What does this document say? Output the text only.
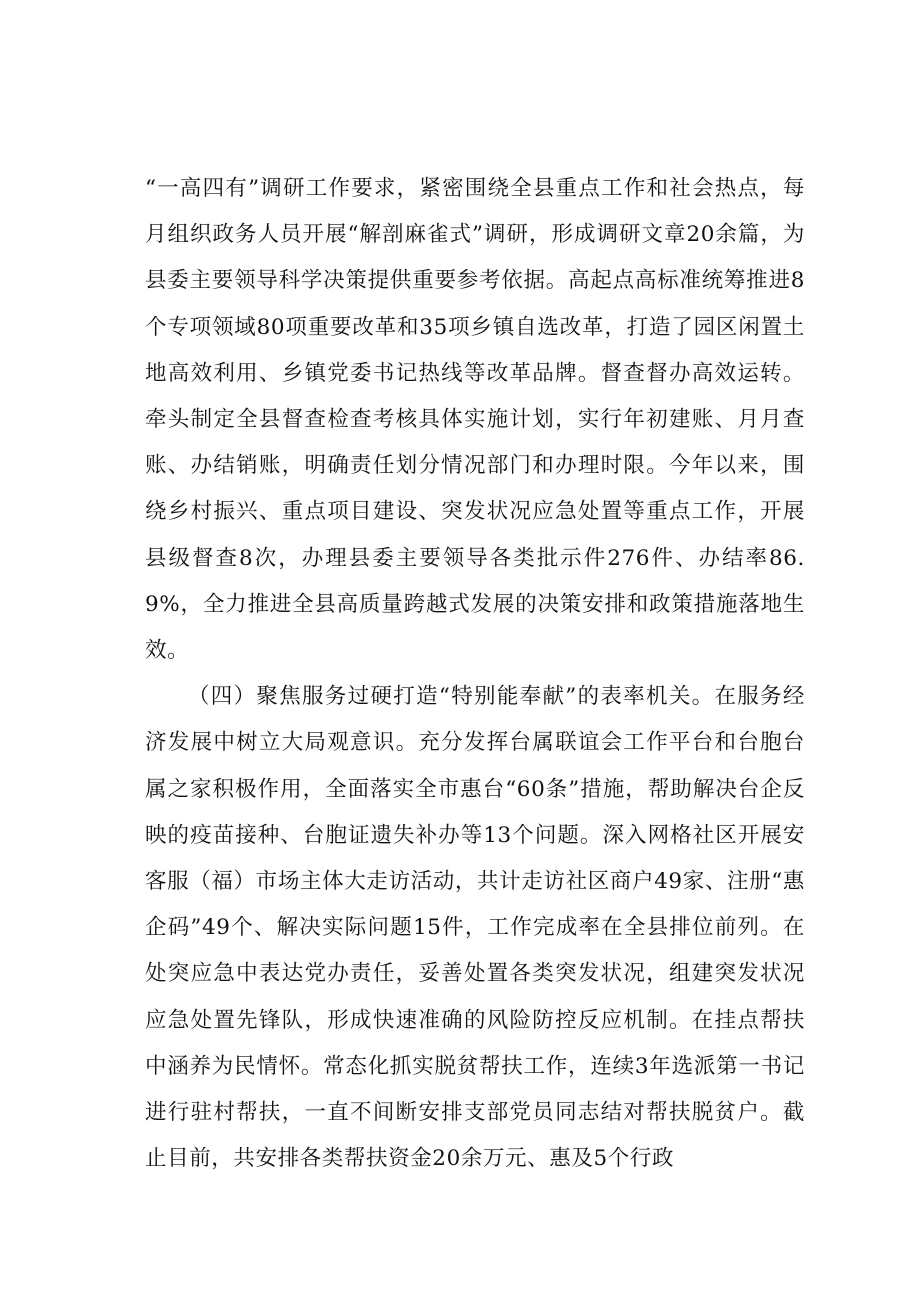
“一高四有”调研工作要求，紧密围绕全县重点工作和社会热点，每月组织政务人员开展“解剖麻雀式”调研，形成调研文章20余篇，为县委主要领导科学决策提供重要参考依据。高起点高标准统筹推进8个专项领域80项重要改革和35项乡镇自选改革，打造了园区闲置土地高效利用、乡镇党委书记热线等改革品牌。督查督办高效运转。牵头制定全县督查检查考核具体实施计划，实行年初建账、月月查账、办结销账，明确责任划分情况部门和办理时限。今年以来，围绕乡村振兴、重点项目建设、突发状况应急处置等重点工作，开展县级督查8次，办理县委主要领导各类批示件276件、办结率86.9%，全力推进全县高质量跨越式发展的决策安排和政策措施落地生效。

（四）聚焦服务过硬打造“特别能奉献”的表率机关。在服务经济发展中树立大局观意识。充分发挥台属联谊会工作平台和台胞台属之家积极作用，全面落实全市惠台“60条”措施，帮助解决台企反映的疫苗接种、台胞证遗失补办等13个问题。深入网格社区开展安客服（福）市场主体大走访活动，共计走访社区商户49家、注册“惠企码”49个、解决实际问题15件，工作完成率在全县排位前列。在处突应急中表达党办责任，妥善处置各类突发状况，组建突发状况应急处置先锋队，形成快速准确的风险防控反应机制。在挂点帮扶中涵养为民情怀。常态化抓实脱贫帮扶工作，连续3年选派第一书记进行驻村帮扶，一直不间断安排支部党员同志结对帮扶脱贫户。截止目前，共安排各类帮扶资金20余万元、惠及5个行政
